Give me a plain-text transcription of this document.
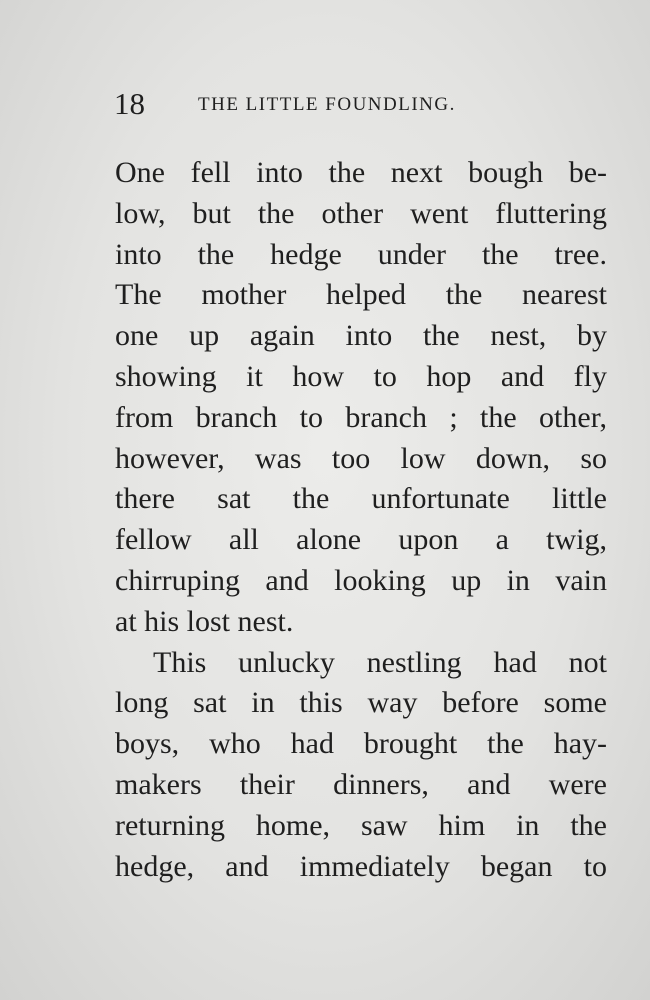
18	THE LITTLE FOUNDLING.
One fell into the next bough be-
low, but the other went fluttering
into the hedge under the tree.
The mother helped the nearest
one up again into the nest, by
showing it how to hop and fly
from branch to branch ; the other,
however, was too low down, so
there sat the unfortunate little
fellow all alone upon a twig,
chirruping and looking up in vain
at his lost nest.
This unlucky nestling had not
long sat in this way before some
boys, who had brought the hay-
makers their dinners, and were
returning home, saw him in the
hedge, and immediately began to
